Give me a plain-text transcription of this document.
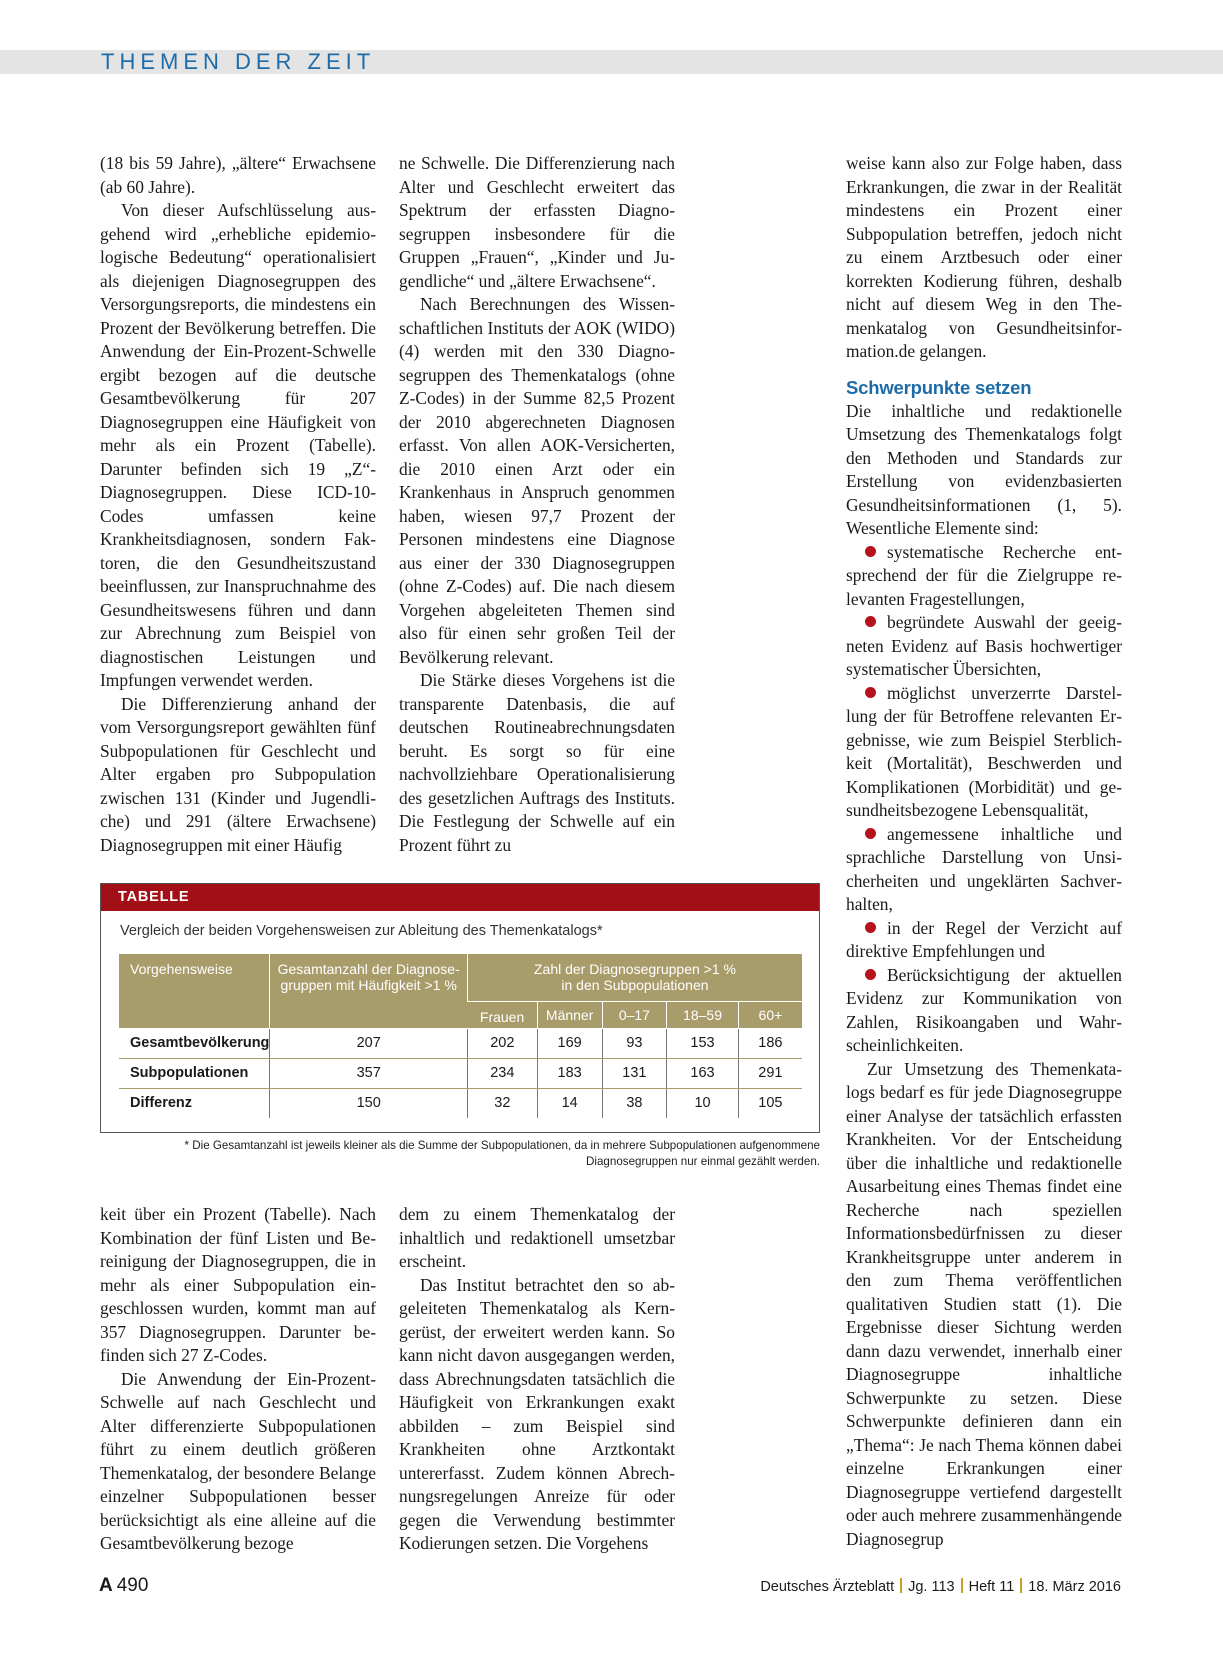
THEMEN DER ZEIT

(18 bis 59 Jahre), „ältere“ Erwachsene (ab 60 Jahre).

Von dieser Aufschlüsselung ausgehend wird „erhebliche epidemiologische Bedeutung“ operationalisiert als diejenigen Diagnosegruppen des Versorgungsreports, die mindestens ein Prozent der Bevölkerung betreffen. Die Anwendung der Ein-Prozent-Schwelle ergibt bezogen auf die deutsche Gesamtbevölkerung für 207 Diagnosegruppen eine Häufigkeit von mehr als ein Prozent (Tabelle). Darunter befinden sich 19 „Z“-Diagnosegruppen. Diese ICD-10-Codes umfassen keine Krankheitsdiagnosen, sondern Faktoren, die den Gesundheitszustand beeinflussen, zur Inanspruchnahme des Gesundheitswesens führen und dann zur Abrechnung zum Beispiel von diagnostischen Leistungen und Impfungen verwendet werden.

Die Differenzierung anhand der vom Versorgungsreport gewählten fünf Subpopulationen für Geschlecht und Alter ergaben pro Subpopulation zwischen 131 (Kinder und Jugendliche) und 291 (ältere Erwachsene) Diagnosegruppen mit einer Häufig

ne Schwelle. Die Differenzierung nach Alter und Geschlecht erweitert das Spektrum der erfassten Diagnosegruppen insbesondere für die Gruppen „Frauen“, „Kinder und Jugendliche“ und „ältere Erwachsene“.

Nach Berechnungen des Wissenschaftlichen Instituts der AOK (WIDO) (4) werden mit den 330 Diagnosegruppen des Themenkatalogs (ohne Z-Codes) in der Summe 82,5 Prozent der 2010 abgerechneten Diagnosen erfasst. Von allen AOK-Versicherten, die 2010 einen Arzt oder ein Krankenhaus in Anspruch genommen haben, wiesen 97,7 Prozent der Personen mindestens eine Diagnose aus einer der 330 Diagnosegruppen (ohne Z-Codes) auf. Die nach diesem Vorgehen abgeleiteten Themen sind also für einen sehr großen Teil der Bevölkerung relevant.

Die Stärke dieses Vorgehens ist die transparente Datenbasis, die auf deutschen Routineabrechnungsdaten beruht. Es sorgt so für eine nachvollziehbare Operationalisierung des gesetzlichen Auftrags des Instituts. Die Festlegung der Schwelle auf ein Prozent führt zu

weise kann also zur Folge haben, dass Erkrankungen, die zwar in der Realität mindestens ein Prozent einer Subpopulation betreffen, jedoch nicht zu einem Arztbesuch oder einer korrekten Kodierung führen, deshalb nicht auf diesem Weg in den Themenkatalog von Gesundheitsinformation.de gelangen.

Schwerpunkte setzen

Die inhaltliche und redaktionelle Umsetzung des Themenkatalogs folgt den Methoden und Standards zur Erstellung von evidenzbasierten Gesundheitsinformationen (1, 5). Wesentliche Elemente sind:

systematische Recherche entsprechend der für die Zielgruppe relevanten Fragestellungen,

begründete Auswahl der geeigneten Evidenz auf Basis hochwertiger systematischer Übersichten,

möglichst unverzerrte Darstellung der für Betroffene relevanten Ergebnisse, wie zum Beispiel Sterblichkeit (Mortalität), Beschwerden und Komplikationen (Morbidität) und gesundheitsbezogene Lebensqualität,

angemessene inhaltliche und sprachliche Darstellung von Unsicherheiten und ungeklärten Sachverhalten,

in der Regel der Verzicht auf direktive Empfehlungen und

Berücksichtigung der aktuellen Evidenz zur Kommunikation von Zahlen, Risikoangaben und Wahrscheinlichkeiten.

Zur Umsetzung des Themenkatalogs bedarf es für jede Diagnosegruppe einer Analyse der tatsächlich erfassten Krankheiten. Vor der Entscheidung über die inhaltliche und redaktionelle Ausarbeitung eines Themas findet eine Recherche nach speziellen Informationsbedürfnissen zu dieser Krankheitsgruppe unter anderem in den zum Thema veröffentlichen qualitativen Studien statt (1). Die Ergebnisse dieser Sichtung werden dann dazu verwendet, innerhalb einer Diagnosegruppe inhaltliche Schwerpunkte zu setzen. Diese Schwerpunkte definieren dann ein „Thema“: Je nach Thema können dabei einzelne Erkrankungen einer Diagnosegruppe vertiefend dargestellt oder auch mehrere zusammenhängende Diagnosegrup

TABELLE
Vergleich der beiden Vorgehensweisen zur Ableitung des Themenkatalogs*
Vorgehensweise	Gesamtanzahl der Diagnosegruppen mit Häufigkeit >1 %	Zahl der Diagnosegruppen >1 % in den Subpopulationen				
		Frauen	Männer	0–17	18–59	60+
Gesamtbevölkerung	207	202	169	93	153	186
Subpopulationen	357	234	183	131	163	291
Differenz	150	32	14	38	10	105
* Die Gesamtanzahl ist jeweils kleiner als die Summe der Subpopulationen, da in mehrere Subpopulationen aufgenommene Diagnosegruppen nur einmal gezählt werden.

keit über ein Prozent (Tabelle). Nach Kombination der fünf Listen und Bereinigung der Diagnosegruppen, die in mehr als einer Subpopulation eingeschlossen wurden, kommt man auf 357 Diagnosegruppen. Darunter befinden sich 27 Z-Codes.

Die Anwendung der Ein-Prozent-Schwelle auf nach Geschlecht und Alter differenzierte Subpopulationen führt zu einem deutlich größeren Themenkatalog, der besondere Belange einzelner Subpopulationen besser berücksichtigt als eine alleine auf die Gesamtbevölkerung bezoge

dem zu einem Themenkatalog der inhaltlich und redaktionell umsetzbar erscheint.

Das Institut betrachtet den so abgeleiteten Themenkatalog als Kerngerüst, der erweitert werden kann. So kann nicht davon ausgegangen werden, dass Abrechnungsdaten tatsächlich die Häufigkeit von Erkrankungen exakt abbilden – zum Beispiel sind Krankheiten ohne Arztkontakt untererfasst. Zudem können Abrechnungsregelungen Anreize für oder gegen die Verwendung bestimmter Kodierungen setzen. Die Vorgehens

A 490	Deutsches Ärzteblatt Jg. 113 Heft 11 18. März 2016
